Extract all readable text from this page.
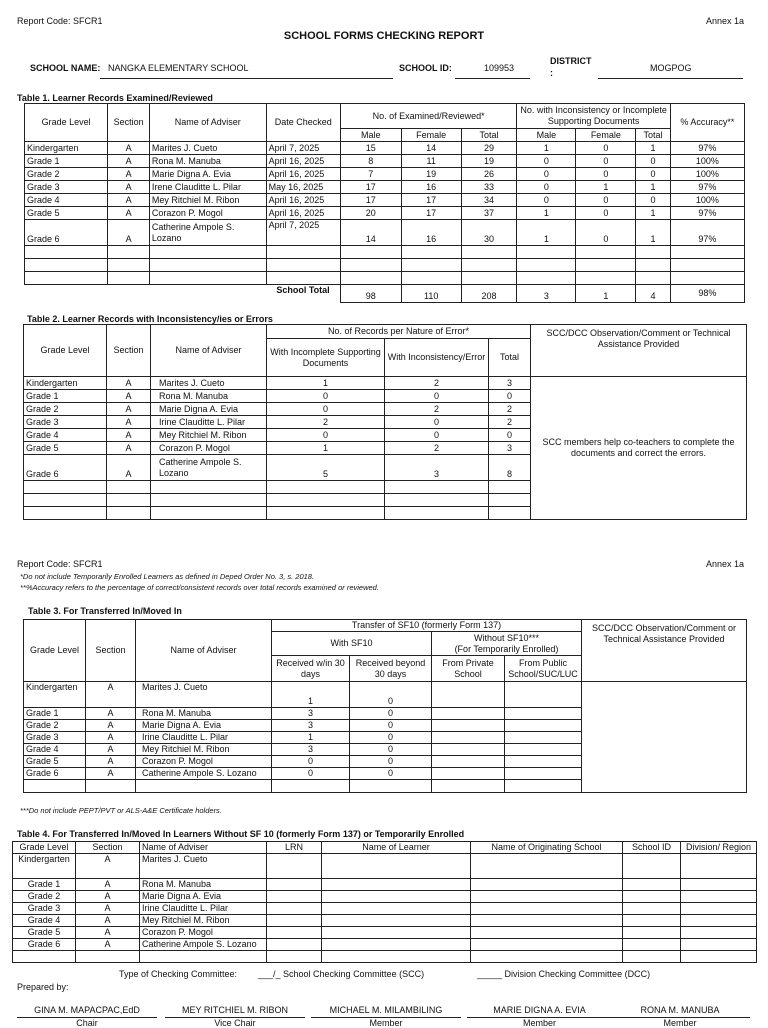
Report Code: SFCR1	Annex 1a
SCHOOL FORMS CHECKING REPORT
SCHOOL NAME: NANGKA ELEMENTARY SCHOOL	SCHOOL ID:	109953
DISTRICT
:	MOGPOG
Table 1. Learner Records Examined/Reviewed
Grade Level	Section	Name of Adviser	Date Checked	No. of Examined/Reviewed*			No. with Inconsistency or Incomplete Supporting Documents			% Accuracy**
				Male	Female	Total	Male	Female	Total	
Kindergarten	A	Marites J. Cueto	April 7, 2025	15	14	29	1	0	1	97%
Grade 1	A	Rona M. Manuba	April 16, 2025	8	11	19	0	0	0	100%
Grade 2	A	Marie Digna A. Evia	April 16, 2025	7	19	26	0	0	0	100%
Grade 3	A	Irene Clauditte L. Pilar	May 16, 2025	17	16	33	0	1	1	97%
Grade 4	A	Mey Ritchiel M. Ribon	April 16, 2025	17	17	34	0	0	0	100%
Grade 5	A	Corazon P. Mogol	April 16, 2025	20	17	37	1	0	1	97%
Grade 6	A	Catherine Ampole S. Lozano	April 7, 2025	14	16	30	1	0	1	97%

			School Total	98	110	208	3	1	4	98%
Table 2. Learner Records with Inconsistency/ies or Errors
Grade Level	Section	Name of Adviser	No. of Records per Nature of Error*			SCC/DCC Observation/Comment or Technical Assistance Provided
			With Incomplete Supporting Documents	With Inconsistency/Error	Total	
Kindergarten	A	Marites J. Cueto	1	2	3	SCC members help co-teachers to complete the documents and correct the errors.
Grade 1	A	Rona M. Manuba	0	0	0	
Grade 2	A	Marie Digna A. Evia	0	2	2	
Grade 3	A	Irine Clauditte L. Pilar	2	0	2	
Grade 4	A	Mey Ritchiel M. Ribon	0	0	0	
Grade 5	A	Corazon P. Mogol	1	2	3	
Grade 6	A	Catherine Ampole S. Lozano	5	3	8	

Report Code: SFCR1	Annex 1a
*Do not include Temporarily Enrolled Learners as defined in Deped Order No. 3, s. 2018.
**%Accuracy refers to the percentage of correct/consistent records over total records examined or reviewed.
Table 3. For Transferred In/Moved In
Grade Level	Section	Name of Adviser	Transfer of SF10 (formerly Form 137)				SCC/DCC Observation/Comment or Technical Assistance Provided
			With SF10		Without SF10***
(For Temporarily Enrolled)		
			Received w/in 30 days	Received beyond 30 days	From Private School	From Public School/SUC/LUC	
Kindergarten	A	Marites J. Cueto	1	0			
Grade 1	A	Rona M. Manuba	3	0			
Grade 2	A	Marie Digna A. Evia	3	0			
Grade 3	A	Irine Clauditte L. Pilar	1	0			
Grade 4	A	Mey Ritchiel M. Ribon	3	0			
Grade 5	A	Corazon P. Mogol	0	0			
Grade 6	A	Catherine Ampole S. Lozano	0	0			

***Do not include PEPT/PVT or ALS-A&E Certificate holders.
Table 4. For Transferred In/Moved In Learners Without SF 10 (formerly Form 137) or Temporarily Enrolled
Grade Level	Section	Name of Adviser	LRN	Name of Learner	Name of Originating School	School ID	Division/ Region
Kindergarten	A	Marites J. Cueto					
Grade 1	A	Rona M. Manuba					
Grade 2	A	Marie Digna A. Evia					
Grade 3	A	Irine Clauditte L. Pilar					
Grade 4	A	Mey Ritchiel M. Ribon					
Grade 5	A	Corazon P. Mogol					
Grade 6	A	Catherine Ampole S. Lozano					

Type of Checking Committee: ___/_ School Checking Committee (SCC)	_____ Division Checking Committee (DCC)
Prepared by:
GINA M. MAPACPAC,EdD
Chair
MEY RITCHIEL M. RIBON
Vice Chair
MICHAEL M. MILAMBILING
Member
MARIE DIGNA A. EVIA
Member
RONA M. MANUBA
Member
